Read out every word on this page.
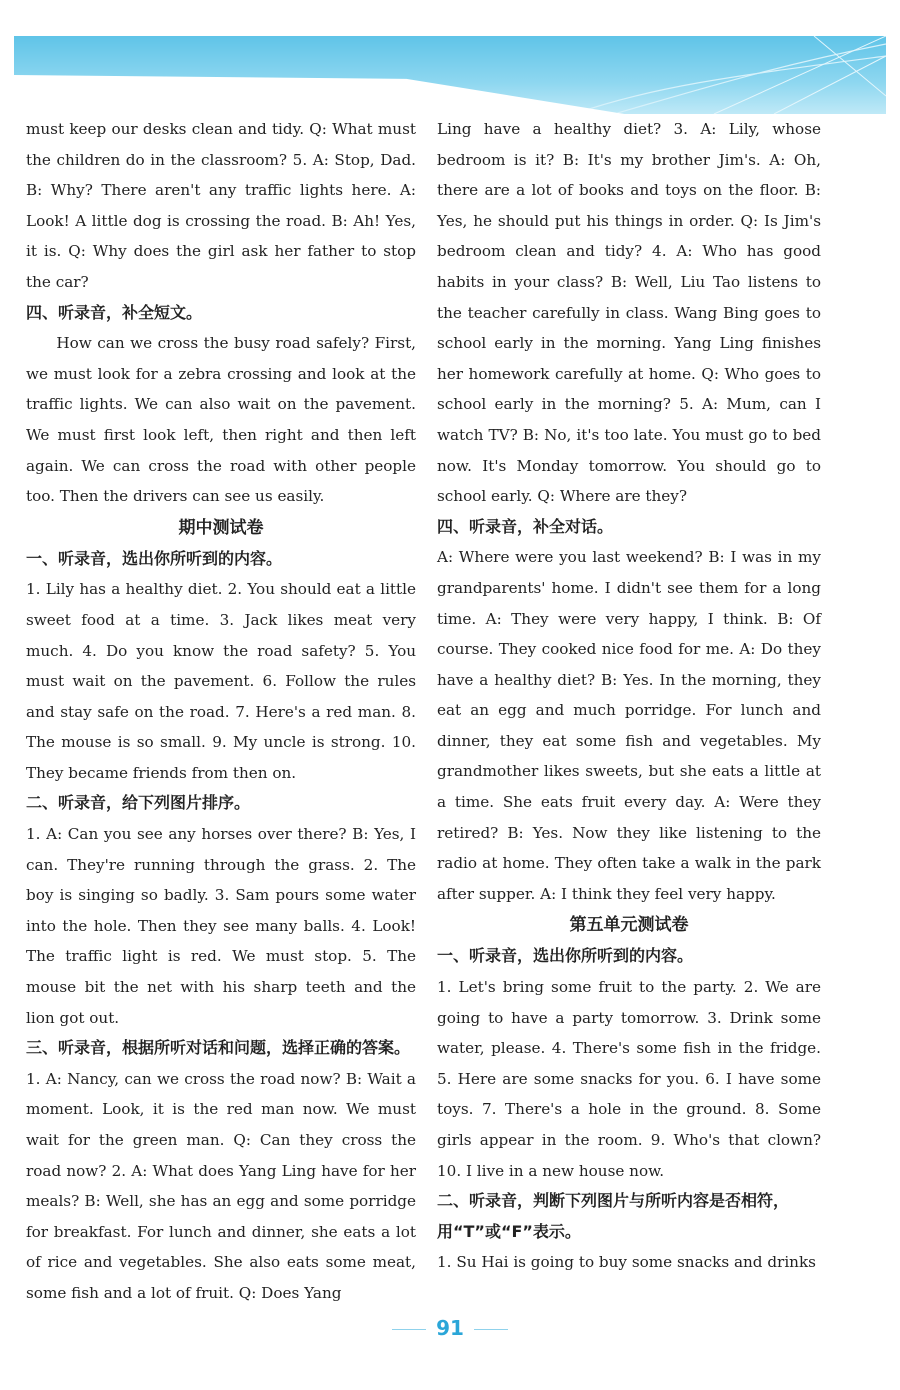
must keep our desks clean and tidy. Q: What must the children do in the classroom? 5. A: Stop, Dad. B: Why? There aren't any traffic lights here. A: Look! A little dog is crossing the road. B: Ah! Yes, it is. Q: Why does the girl ask her father to stop the car?

四、听录音，补全短文。

How can we cross the busy road safely? First, we must look for a zebra crossing and look at the traffic lights. We can also wait on the pavement. We must first look left, then right and then left again. We can cross the road with other people too. Then the drivers can see us easily.

期中测试卷

一、听录音，选出你所听到的内容。

1. Lily has a healthy diet. 2. You should eat a little sweet food at a time. 3. Jack likes meat very much. 4. Do you know the road safety? 5. You must wait on the pavement. 6. Follow the rules and stay safe on the road. 7. Here's a red man. 8. The mouse is so small. 9. My uncle is strong. 10. They became friends from then on.

二、听录音，给下列图片排序。

1. A: Can you see any horses over there? B: Yes, I can. They're running through the grass. 2. The boy is singing so badly. 3. Sam pours some water into the hole. Then they see many balls. 4. Look! The traffic light is red. We must stop. 5. The mouse bit the net with his sharp teeth and the lion got out.

三、听录音，根据所听对话和问题，选择正确的答案。

1. A: Nancy, can we cross the road now? B: Wait a moment. Look, it is the red man now. We must wait for the green man. Q: Can they cross the road now? 2. A: What does Yang Ling have for her meals? B: Well, she has an egg and some porridge for breakfast. For lunch and dinner, she eats a lot of rice and vegetables. She also eats some meat, some fish and a lot of fruit. Q: Does Yang

Ling have a healthy diet? 3. A: Lily, whose bedroom is it? B: It's my brother Jim's. A: Oh, there are a lot of books and toys on the floor. B: Yes, he should put his things in order. Q: Is Jim's bedroom clean and tidy? 4. A: Who has good habits in your class? B: Well, Liu Tao listens to the teacher carefully in class. Wang Bing goes to school early in the morning. Yang Ling finishes her homework carefully at home. Q: Who goes to school early in the morning? 5. A: Mum, can I watch TV? B: No, it's too late. You must go to bed now. It's Monday tomorrow. You should go to school early. Q: Where are they?

四、听录音，补全对话。

A: Where were you last weekend? B: I was in my grandparents' home. I didn't see them for a long time. A: They were very happy, I think. B: Of course. They cooked nice food for me. A: Do they have a healthy diet? B: Yes. In the morning, they eat an egg and much porridge. For lunch and dinner, they eat some fish and vegetables. My grandmother likes sweets, but she eats a little at a time. She eats fruit every day. A: Were they retired? B: Yes. Now they like listening to the radio at home. They often take a walk in the park after supper. A: I think they feel very happy.

第五单元测试卷

一、听录音，选出你所听到的内容。

1. Let's bring some fruit to the party. 2. We are going to have a party tomorrow. 3. Drink some water, please. 4. There's some fish in the fridge. 5. Here are some snacks for you. 6. I have some toys. 7. There's a hole in the ground. 8. Some girls appear in the room. 9. Who's that clown? 10. I live in a new house now.

二、听录音，判断下列图片与所听内容是否相符，用“T”或“F”表示。

1. Su Hai is going to buy some snacks and drinks

91
